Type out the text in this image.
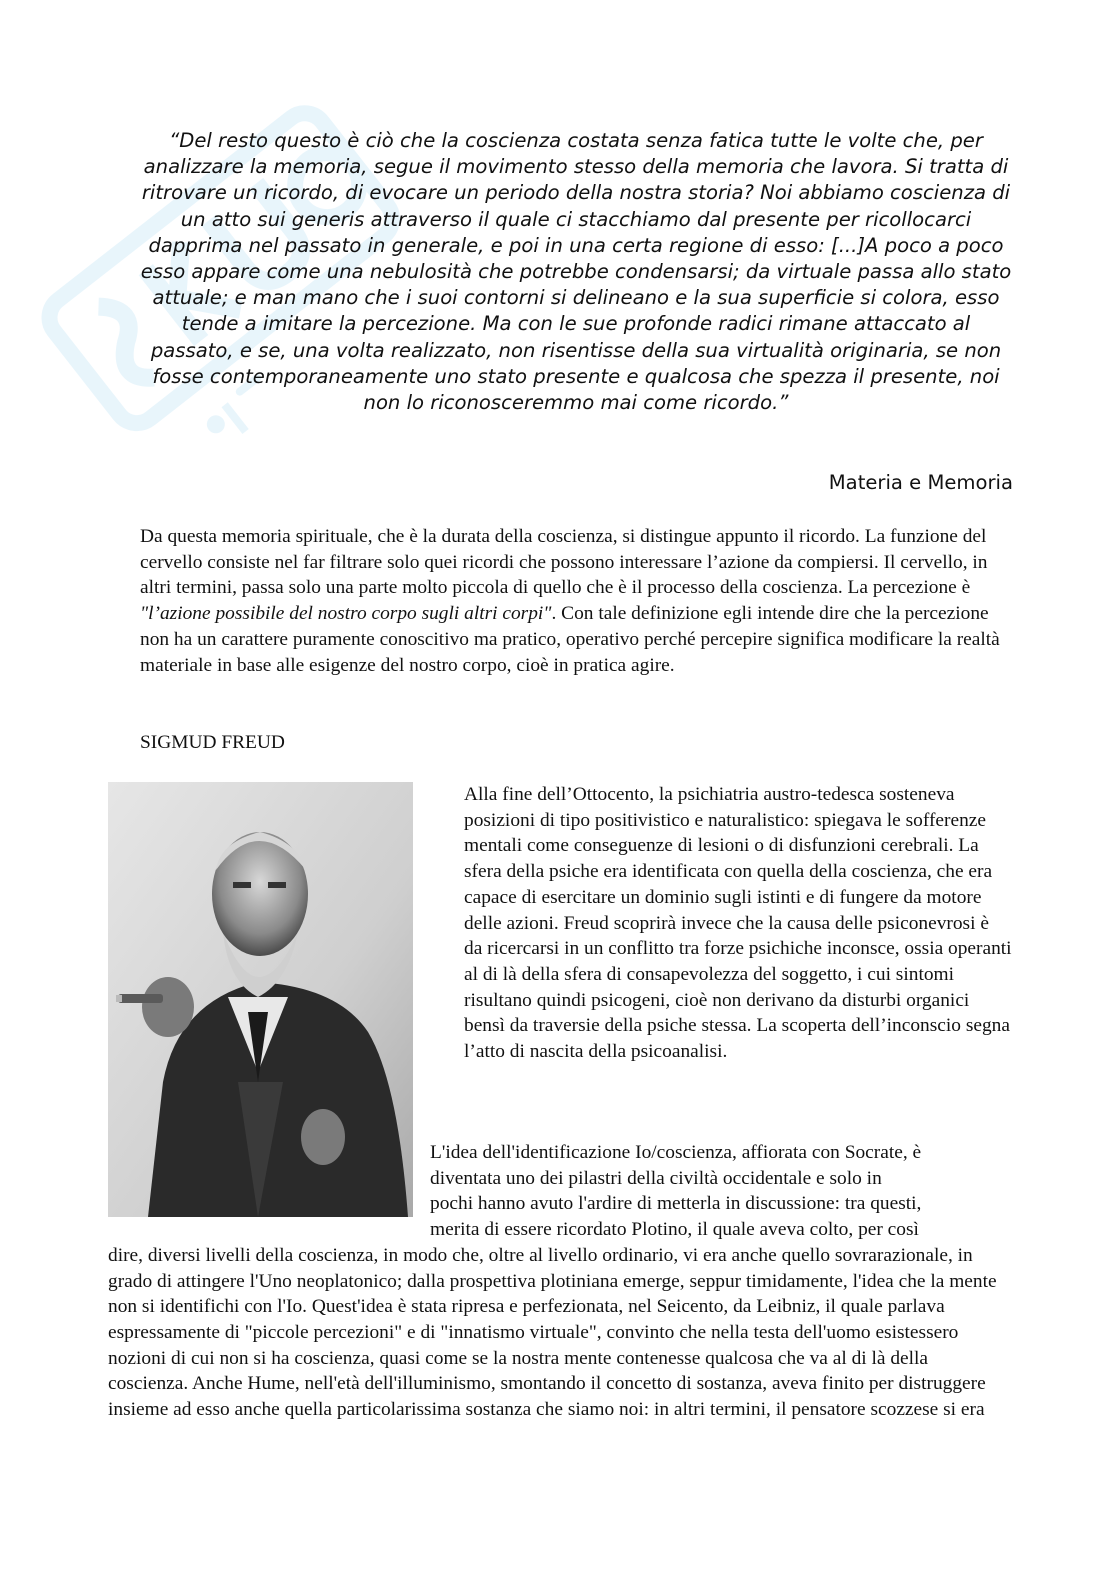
“Del resto questo è ciò che la coscienza costata senza fatica tutte le volte che, per analizzare la memoria, segue il movimento stesso della memoria che lavora. Si tratta di ritrovare un ricordo, di evocare un periodo della nostra storia? Noi abbiamo coscienza di un atto sui generis attraverso il quale ci stacchiamo dal presente per ricollocarci dapprima nel passato in generale, e poi in una certa regione di esso: [...]A poco a poco esso appare come una nebulosità che potrebbe condensarsi; da virtuale passa allo stato attuale; e man mano che i suoi contorni si delineano e la sua superficie si colora, esso tende a imitare la percezione. Ma con le sue profonde radici rimane attaccato al passato, e se, una volta realizzato, non risentisse della sua virtualità originaria, se non fosse contemporaneamente uno stato presente e qualcosa che spezza il presente, noi non lo riconosceremmo mai come ricordo.”

Materia e Memoria

Da questa memoria spirituale, che è la durata della coscienza, si distingue appunto il ricordo. La funzione del cervello consiste nel far filtrare solo quei ricordi che possono interessare l’azione da compiersi. Il cervello, in altri termini, passa solo una parte molto piccola di quello che è il processo della coscienza. La percezione è "l’azione possibile del nostro corpo sugli altri corpi". Con tale definizione egli intende dire che la percezione non ha un carattere puramente conoscitivo ma pratico, operativo perché percepire significa modificare la realtà materiale in base alle esigenze del nostro corpo, cioè in pratica agire.

SIGMUD FREUD

Alla fine dell’Ottocento, la psichiatria austro-tedesca sosteneva posizioni di tipo positivistico e naturalistico: spiegava le sofferenze mentali come conseguenze di lesioni o di disfunzioni cerebrali. La sfera della psiche era identificata con quella della coscienza, che era capace di esercitare un dominio sugli istinti e di fungere da motore delle azioni. Freud scoprirà invece che la causa delle psiconevrosi è da ricercarsi in un conflitto tra forze psichiche inconsce, ossia operanti al di là della sfera di consapevolezza del soggetto, i cui sintomi risultano quindi psicogeni, cioè non derivano da disturbi organici bensì da traversie della psiche stessa. La scoperta dell’inconscio segna l’atto di nascita della psicoanalisi.

L'idea dell'identificazione Io/coscienza, affiorata con Socrate, è
diventata uno dei pilastri della civiltà occidentale e solo in
pochi hanno avuto l'ardire di metterla in discussione: tra questi,
merita di essere ricordato Plotino, il quale aveva colto, per così
dire, diversi livelli della coscienza, in modo che, oltre al livello ordinario, vi era anche quello sovrarazionale, in grado di attingere l'Uno neoplatonico; dalla prospettiva plotiniana emerge, seppur timidamente, l'idea che la mente non si identifichi con l'Io. Quest'idea è stata ripresa e perfezionata, nel Seicento, da Leibniz, il quale parlava espressamente di "piccole percezioni" e di "innatismo virtuale", convinto che nella testa dell'uomo esistessero nozioni di cui non si ha coscienza, quasi come se la nostra mente contenesse qualcosa che va al di là della coscienza. Anche Hume, nell'età dell'illuminismo, smontando il concetto di sostanza, aveva finito per distruggere insieme ad esso anche quella particolarissima sostanza che siamo noi: in altri termini, il pensatore scozzese si era
